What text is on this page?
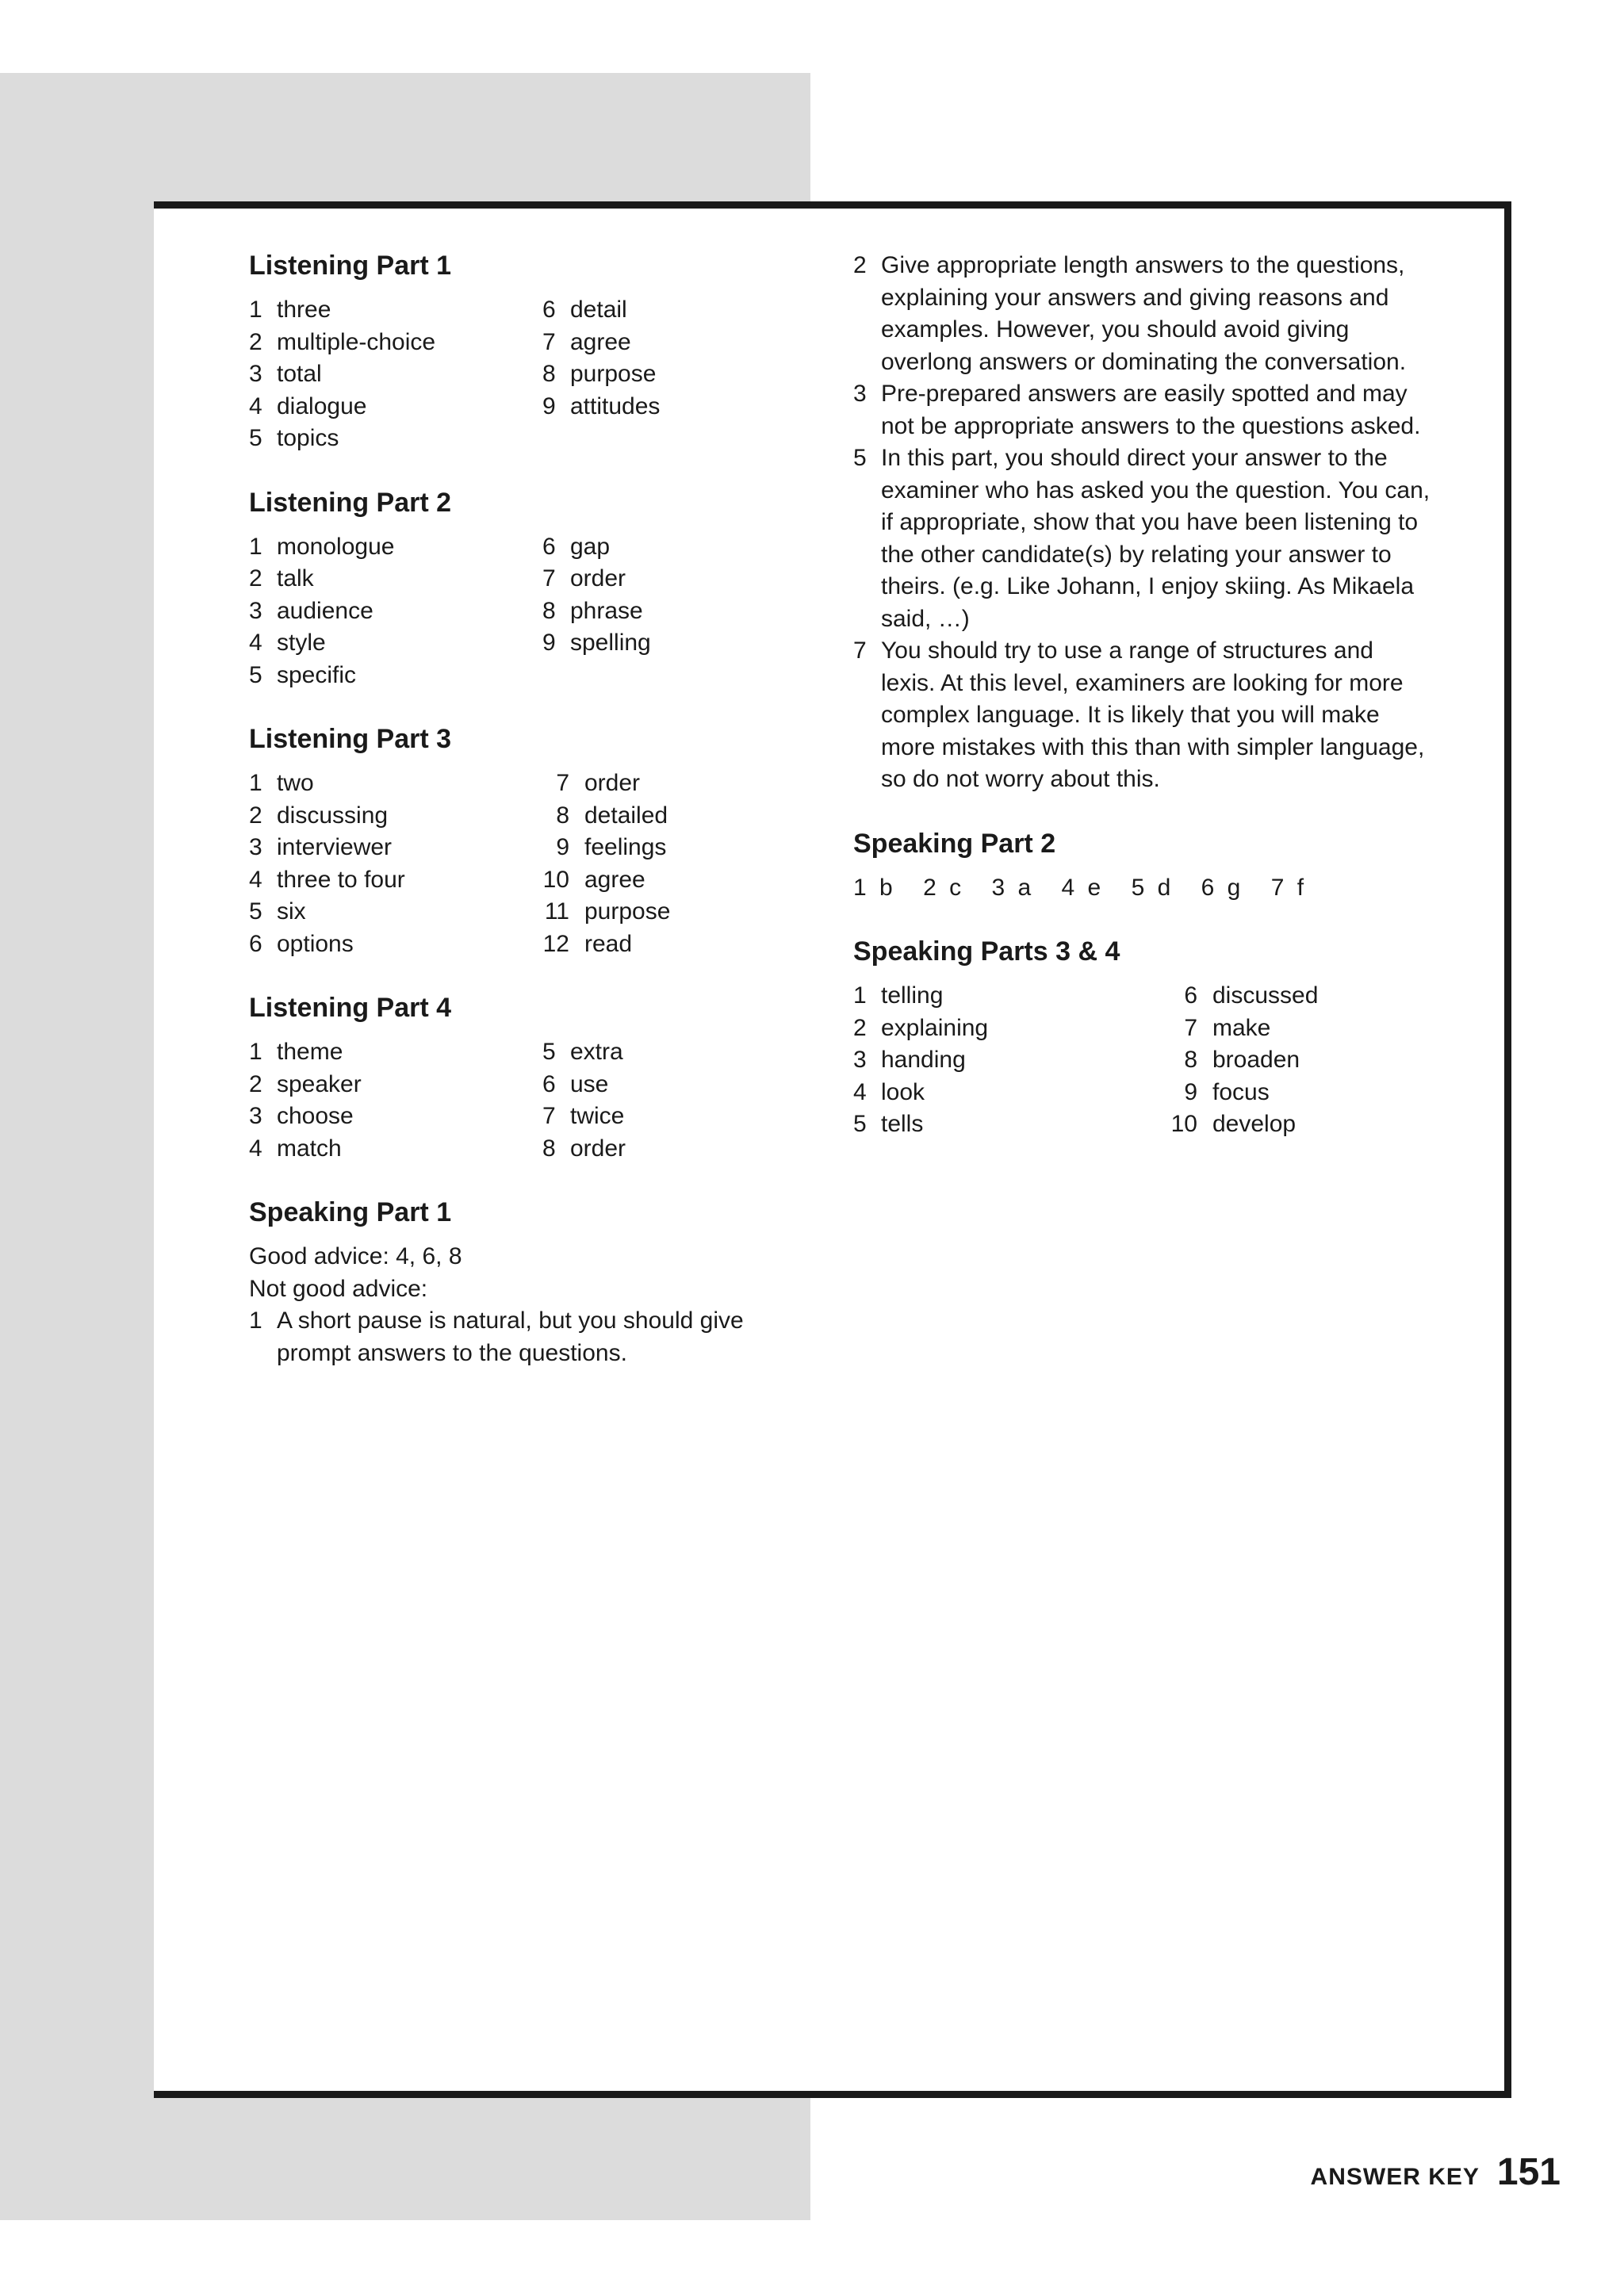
Listening Part 1
1 three	6 detail
2 multiple-choice	7 agree
3 total	8 purpose
4 dialogue	9 attitudes
5 topics
Listening Part 2
1 monologue	6 gap
2 talk	7 order
3 audience	8 phrase
4 style	9 spelling
5 specific
Listening Part 3
1 two	7 order
2 discussing	8 detailed
3 interviewer	9 feelings
4 three to four	10 agree
5 six	11 purpose
6 options	12 read
Listening Part 4
1 theme	5 extra
2 speaker	6 use
3 choose	7 twice
4 match	8 order
Speaking Part 1
Good advice: 4, 6, 8
Not good advice:
1 A short pause is natural, but you should give prompt answers to the questions.
2 Give appropriate length answers to the questions, explaining your answers and giving reasons and examples. However, you should avoid giving overlong answers or dominating the conversation.
3 Pre-prepared answers are easily spotted and may not be appropriate answers to the questions asked.
5 In this part, you should direct your answer to the examiner who has asked you the question. You can, if appropriate, show that you have been listening to the other candidate(s) by relating your answer to theirs. (e.g. Like Johann, I enjoy skiing. As Mikaela said, …)
7 You should try to use a range of structures and lexis. At this level, examiners are looking for more complex language. It is likely that you will make more mistakes with this than with simpler language, so do not worry about this.
Speaking Part 2
1 b 2 c 3 a 4 e 5 d 6 g 7 f
Speaking Parts 3 & 4
1 telling	6 discussed
2 explaining	7 make
3 handing	8 broaden
4 look	9 focus
5 tells	10 develop
ANSWER KEY 151
